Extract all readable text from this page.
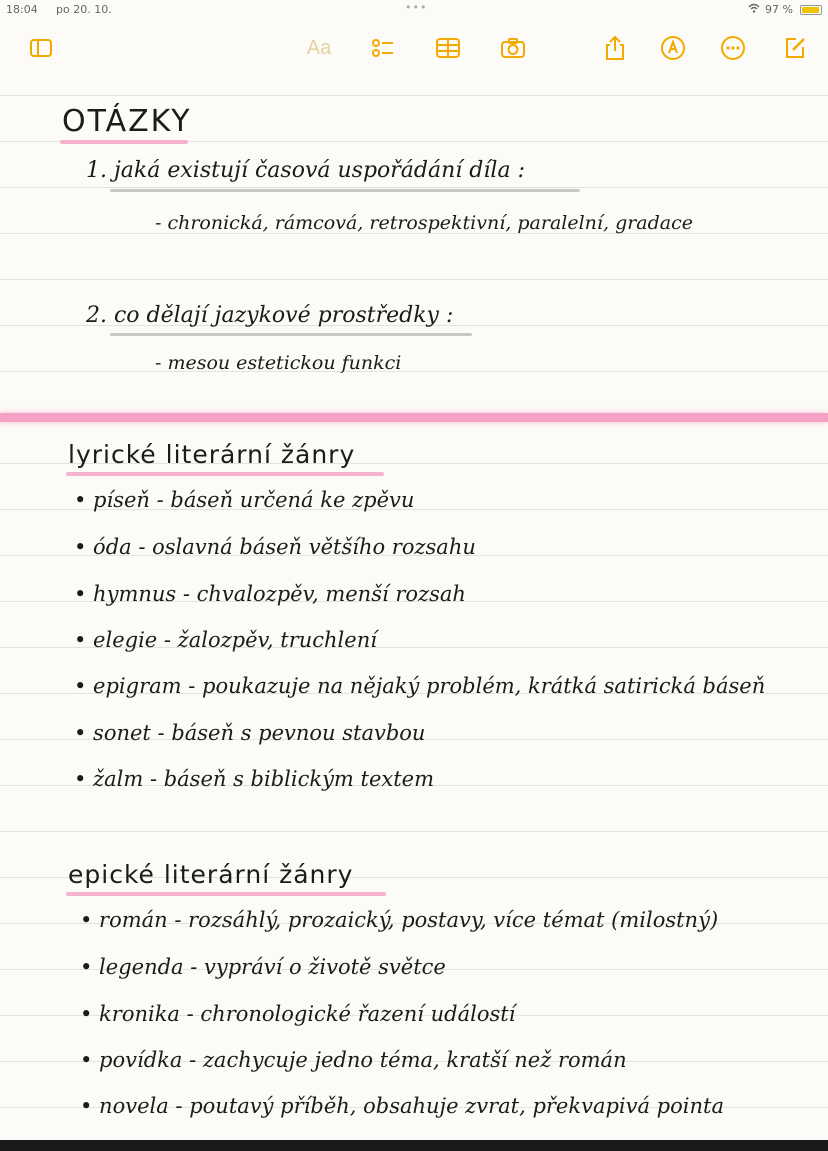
18:04 po 20. 10.	•••	97 %
Aa
OTÁZKY
1. jaká existují časová uspořádání díla :
- chronická, rámcová, retrospektivní, paralelní, gradace
2. co dělají jazykové prostředky :
- mesou estetickou funkci
lyrické literární žánry
• píseň - báseň určená ke zpěvu
• óda - oslavná báseň většího rozsahu
• hymnus - chvalozpěv, menší rozsah
• elegie - žalozpěv, truchlení
• epigram - poukazuje na nějaký problém, krátká satirická báseň
• sonet - báseň s pevnou stavbou
• žalm - báseň s biblickým textem
epické literární žánry
• román - rozsáhlý, prozaický, postavy, více témat (milostný)
• legenda - vypráví o životě světce
• kronika - chronologické řazení událostí
• povídka - zachycuje jedno téma, kratší než román
• novela - poutavý příběh, obsahuje zvrat, překvapivá pointa
